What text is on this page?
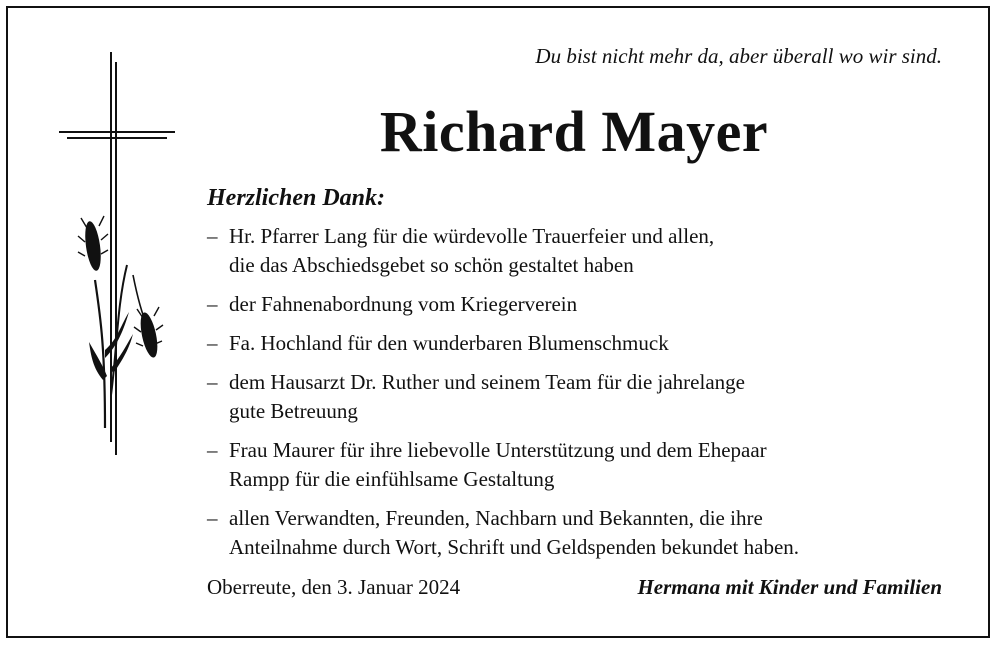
Du bist nicht mehr da, aber überall wo wir sind.
Richard Mayer
Herzlichen Dank:
– Hr. Pfarrer Lang für die würdevolle Trauerfeier und allen,
die das Abschiedsgebet so schön gestaltet haben
– der Fahnenabordnung vom Kriegerverein
– Fa. Hochland für den wunderbaren Blumenschmuck
– dem Hausarzt Dr. Ruther und seinem Team für die jahrelange
gute Betreuung
– Frau Maurer für ihre liebevolle Unterstützung und dem Ehepaar
Rampp für die einfühlsame Gestaltung
– allen Verwandten, Freunden, Nachbarn und Bekannten, die ihre
Anteilnahme durch Wort, Schrift und Geldspenden bekundet haben.
Oberreute, den 3. Januar 2024	Hermana mit Kinder und Familien
